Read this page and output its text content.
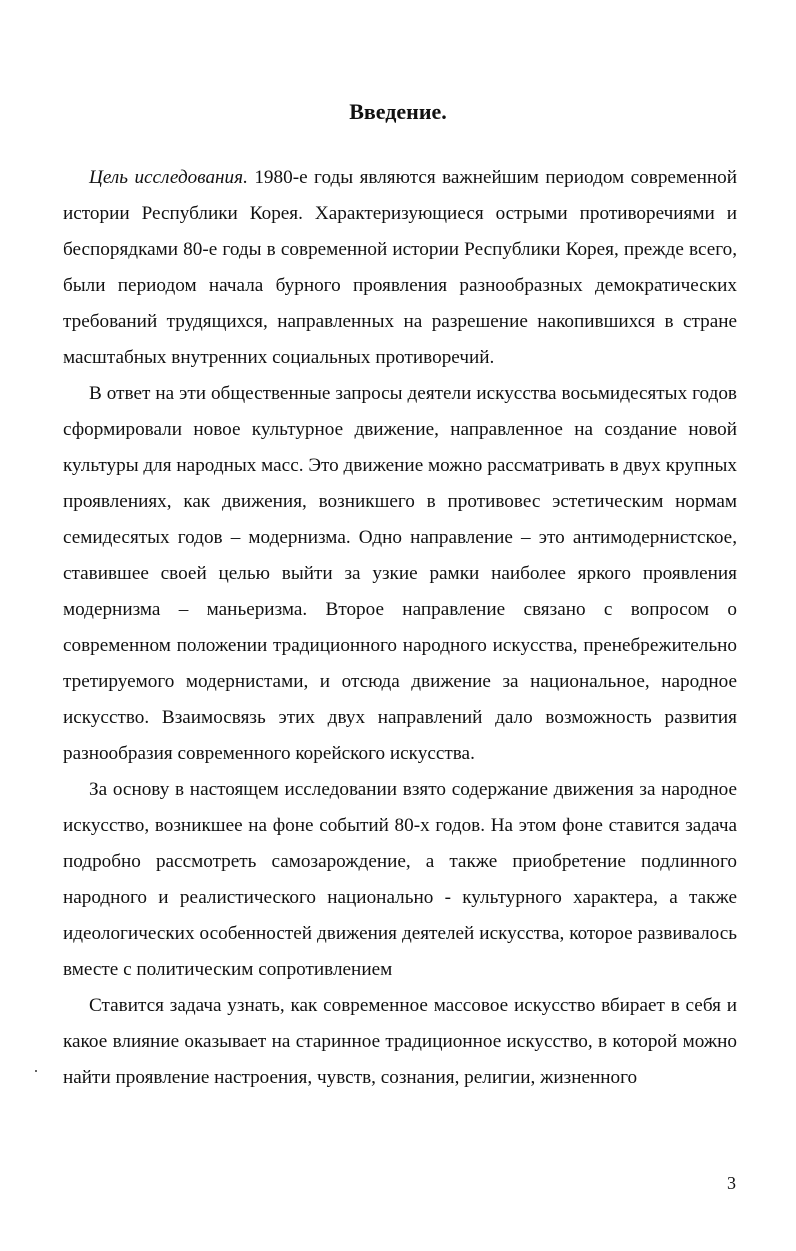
Введение.

Цель исследования. 1980-е годы являются важнейшим периодом современной истории Республики Корея. Характеризующиеся острыми противоречиями и беспорядками 80-е годы в современной истории Республики Корея, прежде всего, были периодом начала бурного проявления разнообразных демократических требований трудящихся, направленных на разрешение накопившихся в стране масштабных внутренних социальных противоречий.

В ответ на эти общественные запросы деятели искусства восьмидесятых годов сформировали новое культурное движение, направленное на создание новой культуры для народных масс. Это движение можно рассматривать в двух крупных проявлениях, как движения, возникшего в противовес эстетическим нормам семидесятых годов – модернизма. Одно направление – это антимодернистское, ставившее своей целью выйти за узкие рамки наиболее яркого проявления модернизма – маньеризма. Второе направление связано с вопросом о современном положении традиционного народного искусства, пренебрежительно третируемого модернистами, и отсюда движение за национальное, народное искусство. Взаимосвязь этих двух направлений дало возможность развития разнообразия современного корейского искусства.

За основу в настоящем исследовании взято содержание движения за народное искусство, возникшее на фоне событий 80-х годов. На этом фоне ставится задача подробно рассмотреть самозарождение, а также приобретение подлинного народного и реалистического национально - культурного характера, а также идеологических особенностей движения деятелей искусства, которое развивалось вместе с политическим сопротивлением

Ставится задача узнать, как современное массовое искусство вбирает в себя и какое влияние оказывает на старинное традиционное искусство, в которой можно найти проявление настроения, чувств, сознания, религии, жизненного

3
